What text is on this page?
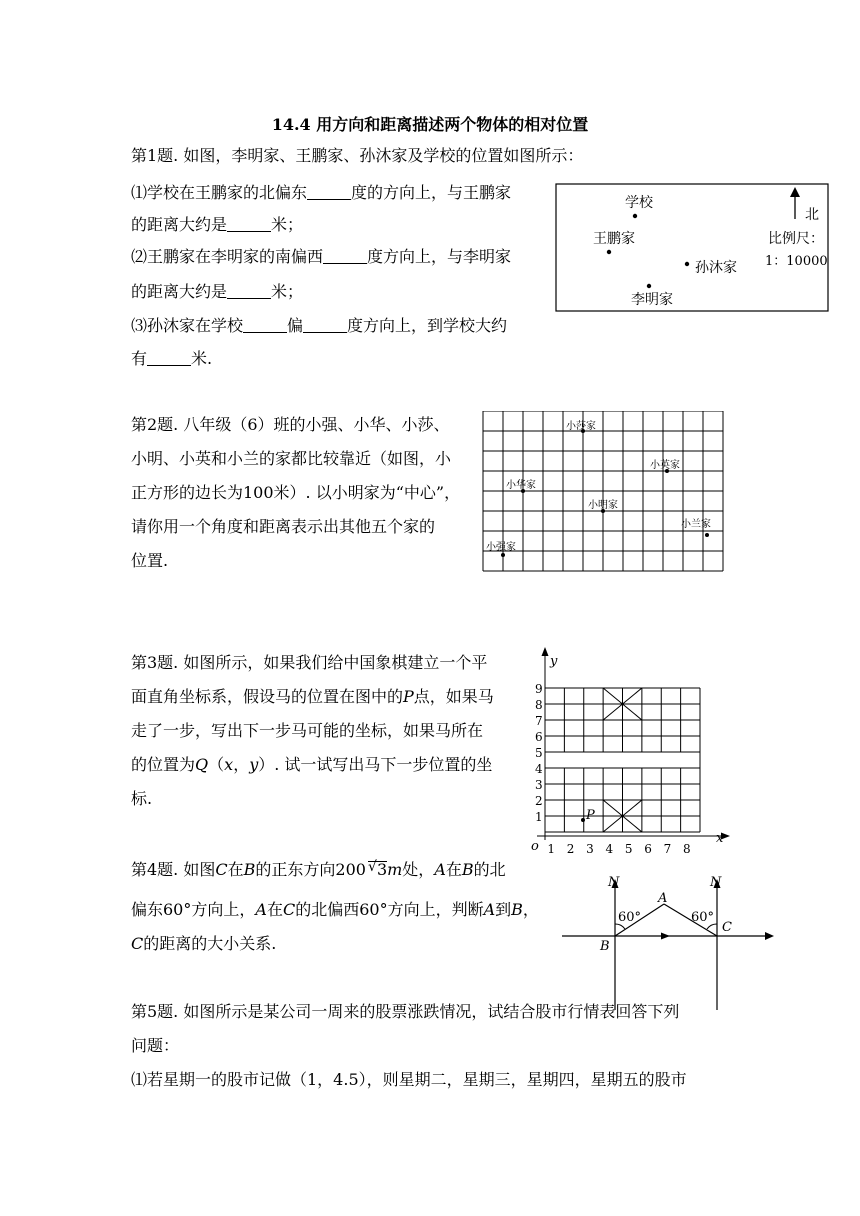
14.4 用方向和距离描述两个物体的相对位置
第1题. 如图，李明家、王鹏家、孙沐家及学校的位置如图所示：
⑴学校在王鹏家的北偏东	度的方向上，与王鹏家
的距离大约是	米；
⑵王鹏家在李明家的南偏西	度方向上，与李明家
的距离大约是	米；
⑶孙沐家在学校	偏	度方向上，到学校大约
有	米.
学校
王鹏家
孙沐家
李明家
北
比例尺：
1：10000
第2题. 八年级（6）班的小强、小华、小莎、
小明、小英和小兰的家都比较靠近（如图，小
正方形的边长为100米）. 以小明家为“中心”，
请你用一个角度和距离表示出其他五个家的
位置.
小莎家
小英家
小华家
小明家
小兰家
小强家
第3题. 如图所示，如果我们给中国象棋建立一个平
面直角坐标系，假设马的位置在图中的P点，如果马
走了一步，写出下一步马可能的坐标，如果马所在
的位置为Q（x，y）. 试一试写出马下一步位置的坐
标.
y
x
o
1
2
3
4
5
6
7
8
9
1 2 3 4 5 6 7 8
P
第4题. 如图C在B的正东方向200 √ 3m处，A在B的北
偏东60°方向上，A在C的北偏西60°方向上，判断A到B，
C的距离的大小关系.
N	N
A
B
C
60°	60°
第5题. 如图所示是某公司一周来的股票涨跌情况，试结合股市行情表回答下列
问题：
⑴若星期一的股市记做（1，4.5），则星期二，星期三，星期四，星期五的股市
